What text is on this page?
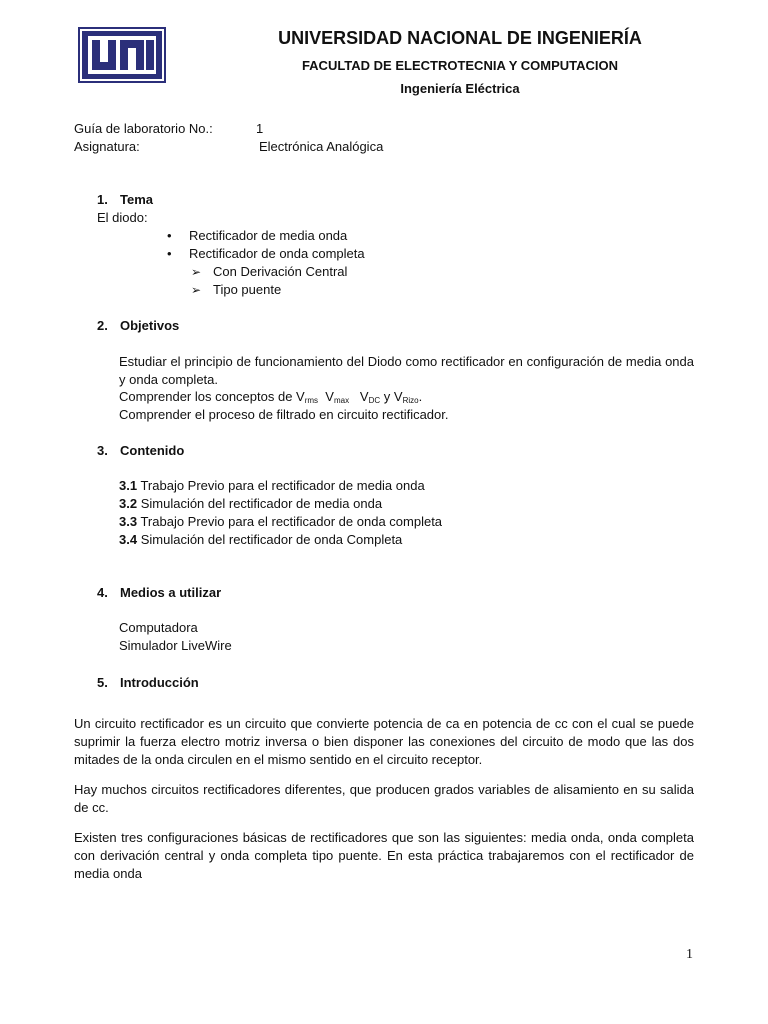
UNI	UNIVERSIDAD NACIONAL DE INGENIERÍA
FACULTAD DE ELECTROTECNIA Y COMPUTACION
Ingeniería Eléctrica
Guía de laboratorio No.:	1
Asignatura:	Electrónica Analógica
1. Tema
El diodo:
• Rectificador de media onda
• Rectificador de onda completa
➢ Con Derivación Central
➢ Tipo puente
2. Objetivos
Estudiar el principio de funcionamiento del Diodo como rectificador en configuración de media onda y onda completa.
Comprender los conceptos de $V_{rms}$ $V_{max}$ $V_{DC}$ y $V_{Rizo}$.
Comprender el proceso de filtrado en circuito rectificador.
3. Contenido
3.1 Trabajo Previo para el rectificador de media onda
3.2 Simulación del rectificador de media onda
3.3 Trabajo Previo para el rectificador de onda completa
3.4 Simulación del rectificador de onda Completa
4. Medios a utilizar
Computadora
Simulador LiveWire
5. Introducción
Un circuito rectificador es un circuito que convierte potencia de ca en potencia de cc con el cual se puede suprimir la fuerza electro motriz inversa o bien disponer las conexiones del circuito de modo que las dos mitades de la onda circulen en el mismo sentido en el circuito receptor.
Hay muchos circuitos rectificadores diferentes, que producen grados variables de alisamiento en su salida de cc.
Existen tres configuraciones básicas de rectificadores que son las siguientes: media onda, onda completa con derivación central y onda completa tipo puente. En esta práctica trabajaremos con el rectificador de media onda
1
